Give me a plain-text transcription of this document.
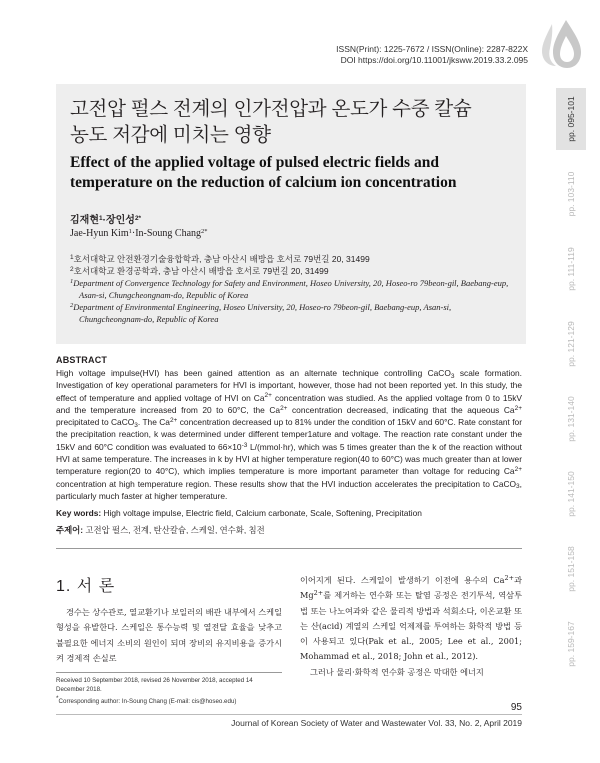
ISSN(Print): 1225-7672 / ISSN(Online): 2287-822X
DOI https://doi.org/10.11001/jksww.2019.33.2.095
pp. 095-101
pp. 103-110
pp. 111-119
pp. 121-129
pp. 131-140
pp. 141-150
pp. 151-158
pp. 159-167
고전압 펄스 전계의 인가전압과 온도가 수중 칼슘
농도 저감에 미치는 영향
Effect of the applied voltage of pulsed electric fields and
temperature on the reduction of calcium ion concentration
김재현$^1$·장인성$^{2*}$
Jae-Hyun Kim$^1$·In-Soung Chang$^{2*}$
$^1$호서대학교 안전환경기술융합학과, 충남 아산시 배방읍 호서로 79번길 20, 31499
$^2$호서대학교 환경공학과, 충남 아산시 배방읍 호서로 79번길 20, 31499
$^1$Department of Convergence Technology for Safety and Environment, Hoseo University, 20, Hoseo-ro 79beon-gil, Baebang-eup, Asan-si, Chungcheongnam-do, Republic of Korea
$^2$Department of Environmental Engineering, Hoseo University, 20, Hoseo-ro 79beon-gil, Baebang-eup, Asan-si, Chungcheongnam-do, Republic of Korea
ABSTRACT
High voltage impulse(HVI) has been gained attention as an alternate technique controlling CaCO$_3$ scale formation. Investigation of key operational parameters for HVI is important, however, those had not been reported yet. In this study, the effect of temperature and applied voltage of HVI on $Ca^{2+}$ concentration was studied. As the applied voltage from 0 to 15kV and the temperature increased from 20 to 60°C, the $Ca^{2+}$ concentration decreased, indicating that the aqueous $Ca^{2+}$ precipitated to CaCO$_3$. The $Ca^{2+}$ concentration decreased up to 81% under the condition of 15kV and 60°C. Rate constant for the precipitation reaction, k was determined under different temper1ature and voltage. The reaction rate constant under the 15kV and 60°C condition was evaluated to $66\times 10^{-3}$ L/(mmol·hr), which was 5 times greater than the k of the reaction without HVI at same temperature. The increases in k by HVI at higher temperature region(40 to 60°C) was much greater than at lower temperature region(20 to 40°C), which implies temperature is more important parameter than voltage for reducing $Ca^{2+}$ concentration at high temperature region. These results show that the HVI induction accelerates the precipitation to CaCO$_3$, particularly much faster at higher temperature.
Key words: High voltage impulse, Electric field, Calcium carbonate, Scale, Softening, Precipitation
주제어: 고전압 펄스, 전계, 탄산칼슘, 스케일, 연수화, 침전
1. 서 론

경수는 상수관로, 열교환기나 보일러의 배관 내부에서 스케일 형성을 유발한다. 스케일은 통수능력 및 열전달 효율을 낮추고 불필요한 에너지 소비의 원인이 되며 장비의 유지비용을 증가시켜 경제적 손실로

Received 10 September 2018, revised 26 November 2018, accepted 14 December 2018.
*Corresponding author: In-Soung Chang (E-mail: cis@hoseo.edu)

이어지게 된다. 스케일이 발생하기 이전에 용수의 $Ca^{2+}$과 $Mg^{2+}$를 제거하는 연수화 또는 탈염 공정은 전기투석, 역삼투법 또는 나노여과와 같은 물리적 방법과 석회소다, 이온교환 또는 산(acid) 계열의 스케일 억제제를 투여하는 화학적 방법 등이 사용되고 있다(Pak et al., 2005; Lee et al., 2001; Mohammad et al., 2018; John et al., 2012).

그러나 물리·화학적 연수화 공정은 막대한 에너지

95
Journal of Korean Society of Water and Wastewater Vol. 33, No. 2, April 2019
